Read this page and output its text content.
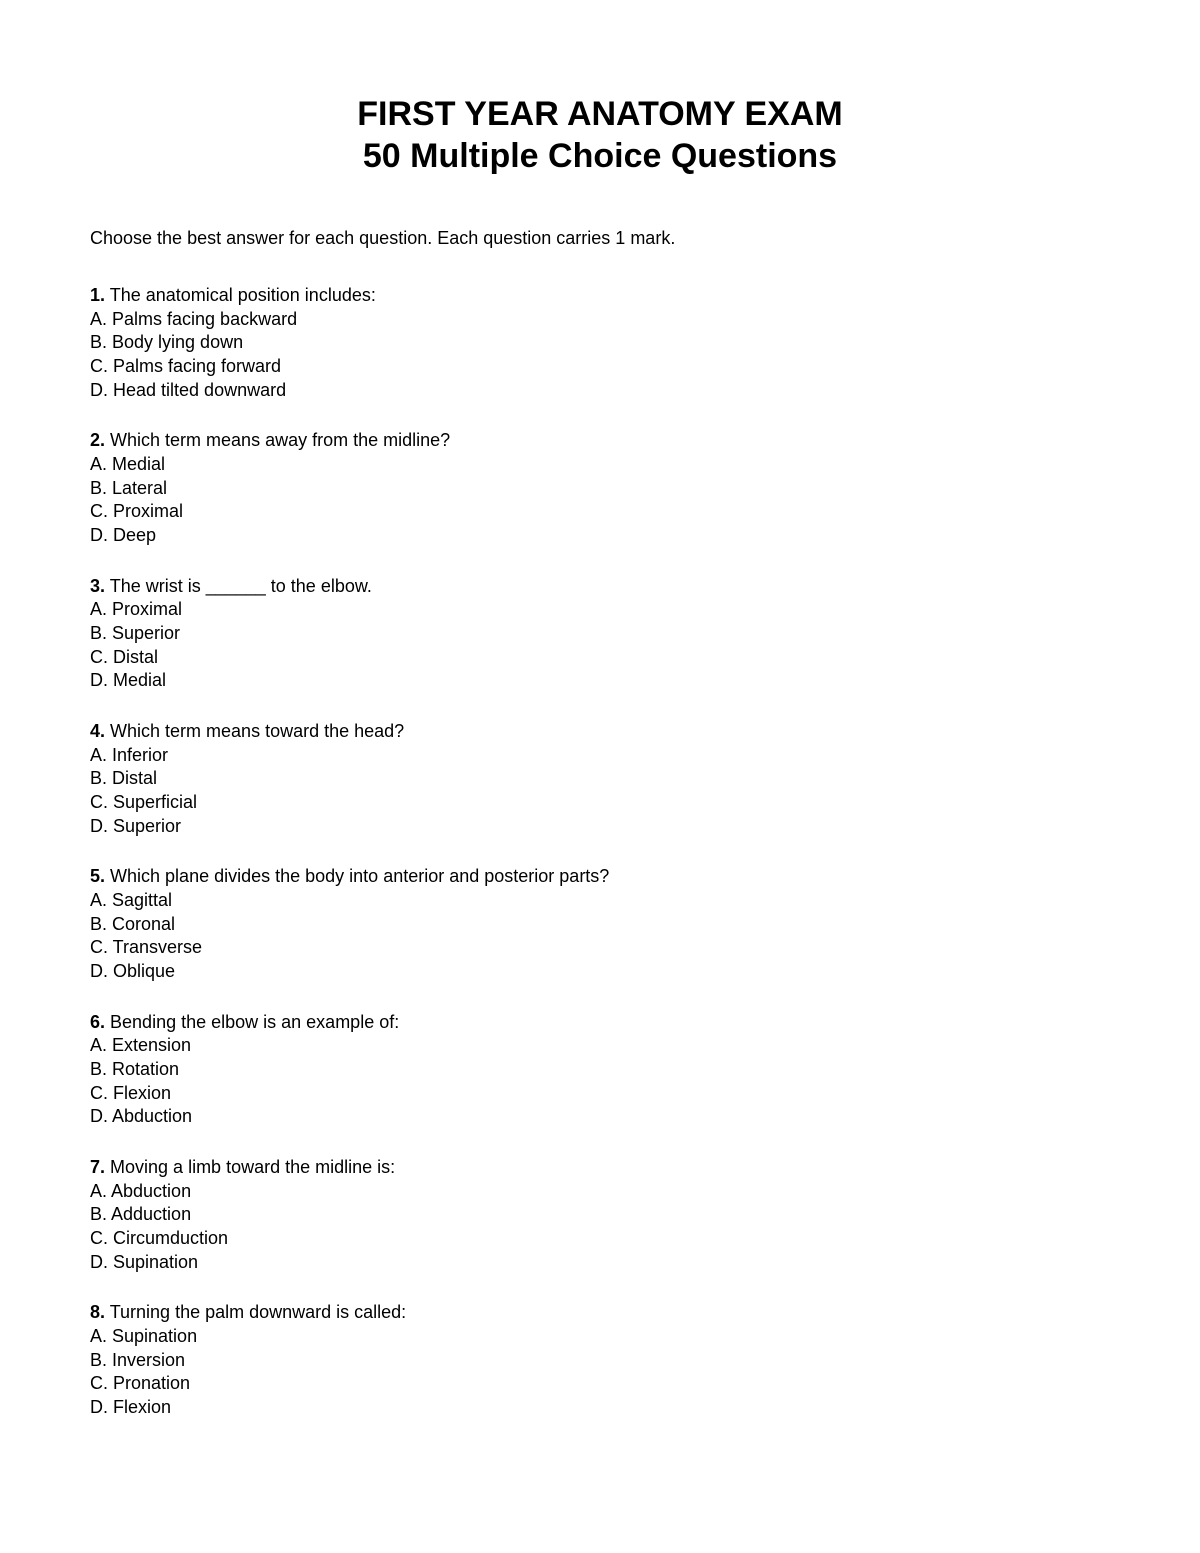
FIRST YEAR ANATOMY EXAM
50 Multiple Choice Questions

Choose the best answer for each question. Each question carries 1 mark.

1. The anatomical position includes:
A. Palms facing backward
B. Body lying down
C. Palms facing forward
D. Head tilted downward
2. Which term means away from the midline?
A. Medial
B. Lateral
C. Proximal
D. Deep
3. The wrist is ______ to the elbow.
A. Proximal
B. Superior
C. Distal
D. Medial
4. Which term means toward the head?
A. Inferior
B. Distal
C. Superficial
D. Superior
5. Which plane divides the body into anterior and posterior parts?
A. Sagittal
B. Coronal
C. Transverse
D. Oblique
6. Bending the elbow is an example of:
A. Extension
B. Rotation
C. Flexion
D. Abduction
7. Moving a limb toward the midline is:
A. Abduction
B. Adduction
C. Circumduction
D. Supination
8. Turning the palm downward is called:
A. Supination
B. Inversion
C. Pronation
D. Flexion
